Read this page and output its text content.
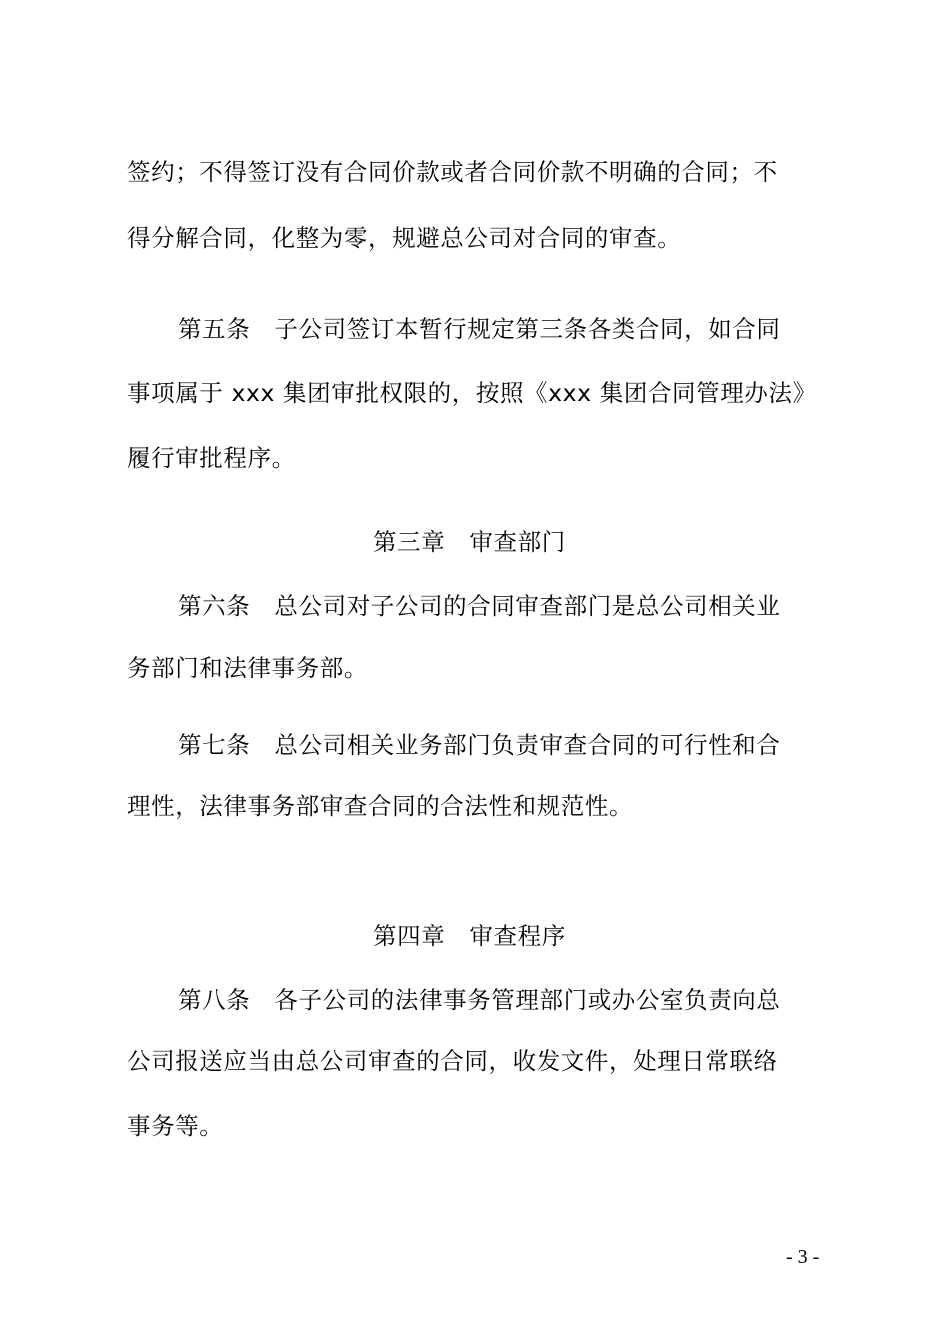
签约；不得签订没有合同价款或者合同价款不明确的合同；不
得分解合同，化整为零，规避总公司对合同的审查。
第五条　子公司签订本暂行规定第三条各类合同，如合同
事项属于 xxx 集团审批权限的，按照《xxx 集团合同管理办法》
履行审批程序。
第三章　审查部门
第六条　总公司对子公司的合同审查部门是总公司相关业
务部门和法律事务部。
第七条　总公司相关业务部门负责审查合同的可行性和合
理性，法律事务部审查合同的合法性和规范性。
第四章　审查程序
第八条　各子公司的法律事务管理部门或办公室负责向总
公司报送应当由总公司审查的合同，收发文件，处理日常联络
事务等。
- 3 -
